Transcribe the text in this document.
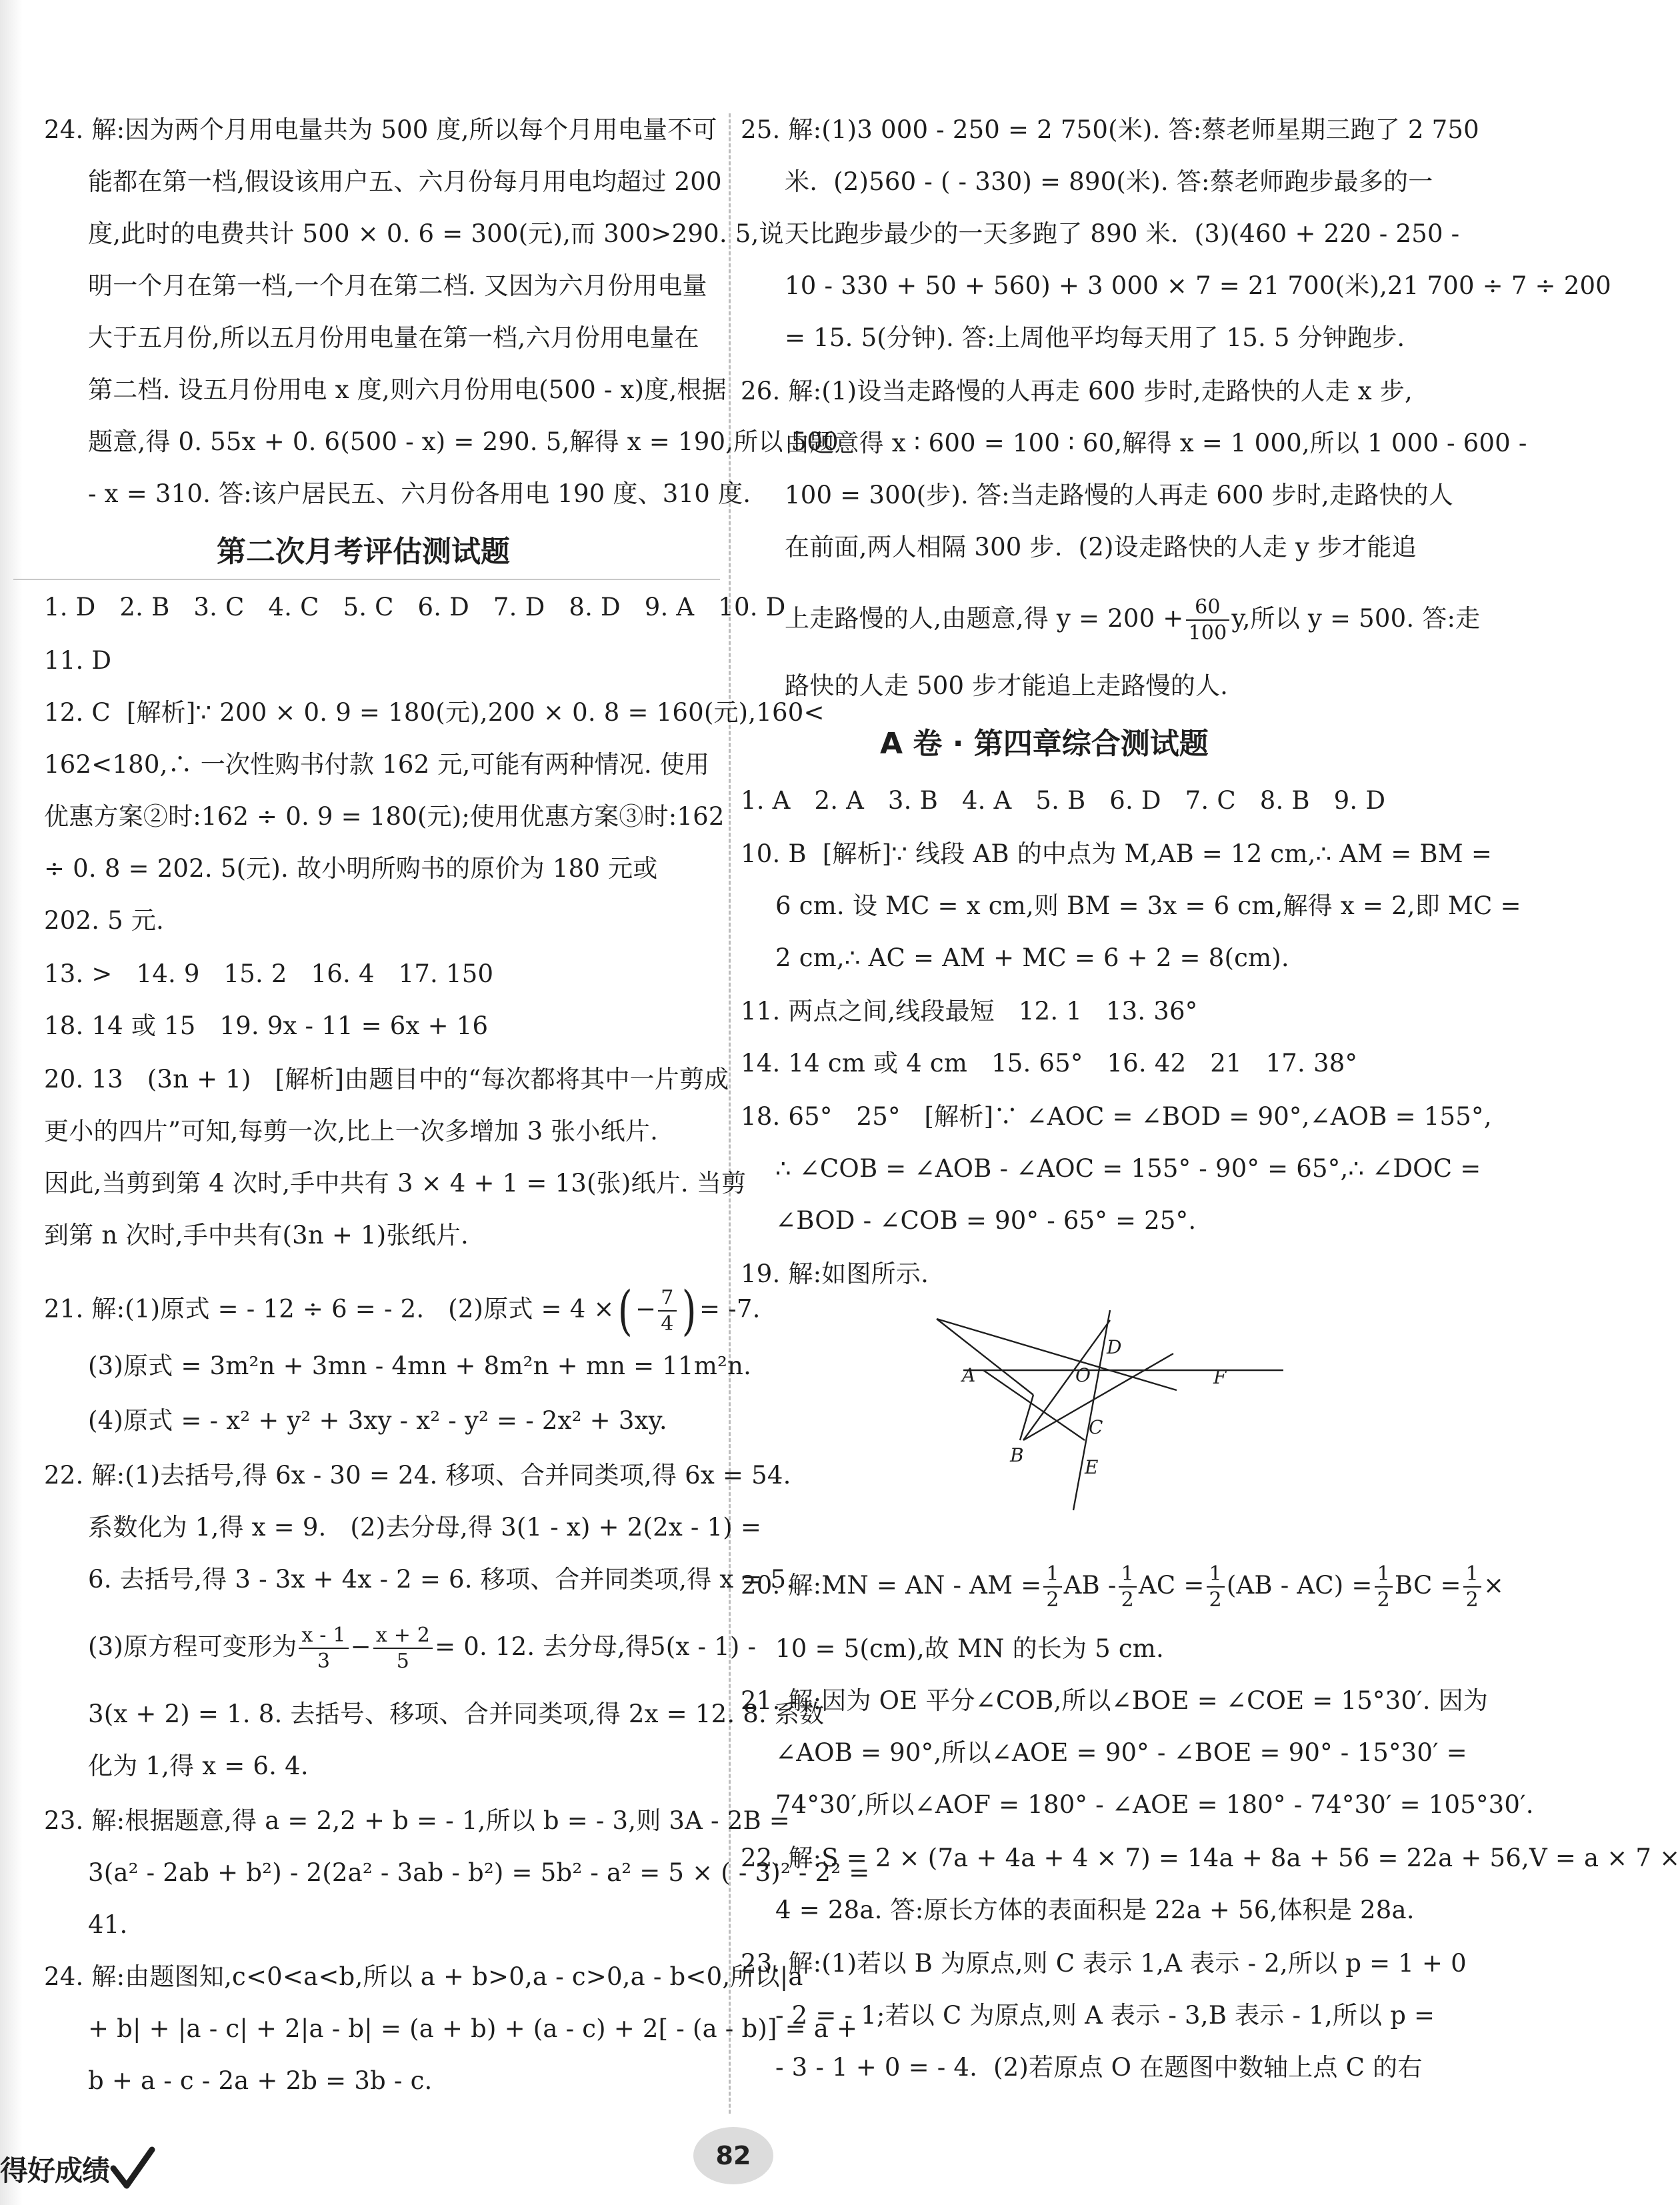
24. 解:因为两个月用电量共为 500 度,所以每个月用电量不可
能都在第一档,假设该用户五、六月份每月用电均超过 200
度,此时的电费共计 500 × 0. 6 = 300(元),而 300>290. 5,说
明一个月在第一档,一个月在第二档. 又因为六月份用电量
大于五月份,所以五月份用电量在第一档,六月份用电量在
第二档. 设五月份用电 x 度,则六月份用电(500 - x)度,根据
题意,得 0. 55x + 0. 6(500 - x) = 290. 5,解得 x = 190,所以 500
- x = 310. 答:该户居民五、六月份各用电 190 度、310 度.
第二次月考评估测试题
1. D   2. B   3. C   4. C   5. C   6. D   7. D   8. D   9. A   10. D
11. D
12. C  [解析]∵ 200 × 0. 9 = 180(元),200 × 0. 8 = 160(元),160<
162<180,∴ 一次性购书付款 162 元,可能有两种情况. 使用
优惠方案②时:162 ÷ 0. 9 = 180(元);使用优惠方案③时:162
÷ 0. 8 = 202. 5(元). 故小明所购书的原价为 180 元或
202. 5 元.
13. >   14. 9   15. 2   16. 4   17. 150
18. 14 或 15   19. 9x - 11 = 6x + 16
20. 13   (3n + 1)   [解析]由题目中的“每次都将其中一片剪成
更小的四片”可知,每剪一次,比上一次多增加 3 张小纸片.
因此,当剪到第 4 次时,手中共有 3 × 4 + 1 = 13(张)纸片. 当剪
到第 n 次时,手中共有(3n + 1)张纸片.
21. 解:(1)原式 = - 12 ÷ 6 = - 2.   (2)原式 = 4 ×( − $\frac{7}{4}$ ) = -7.
(3)原式 = 3m²n + 3mn - 4mn + 8m²n + mn = 11m²n.
(4)原式 = - x² + y² + 3xy - x² - y² = - 2x² + 3xy.
22. 解:(1)去括号,得 6x - 30 = 24. 移项、合并同类项,得 6x = 54.
系数化为 1,得 x = 9.   (2)去分母,得 3(1 - x) + 2(2x - 1) =
6. 去括号,得 3 - 3x + 4x - 2 = 6. 移项、合并同类项,得 x = 5.
(3)原方程可变形为 $\frac{x - 1}{3} - \frac{x + 2}{5} = 0$. 12. 去分母,得5(x - 1) -
3(x + 2) = 1. 8. 去括号、移项、合并同类项,得 2x = 12. 8. 系数
化为 1,得 x = 6. 4.
23. 解:根据题意,得 a = 2,2 + b = - 1,所以 b = - 3,则 3A - 2B =
3(a² - 2ab + b²) - 2(2a² - 3ab - b²) = 5b² - a² = 5 × ( - 3)² - 2² =
41.
24. 解:由题图知,c<0<a<b,所以 a + b>0,a - c>0,a - b<0,所以|a
+ b| + |a - c| + 2|a - b| = (a + b) + (a - c) + 2[ - (a - b)] = a +
b + a - c - 2a + 2b = 3b - c.
25. 解:(1)3 000 - 250 = 2 750(米). 答:蔡老师星期三跑了 2 750
米.  (2)560 - ( - 330) = 890(米). 答:蔡老师跑步最多的一
天比跑步最少的一天多跑了 890 米.  (3)(460 + 220 - 250 -
10 - 330 + 50 + 560) + 3 000 × 7 = 21 700(米),21 700 ÷ 7 ÷ 200
= 15. 5(分钟). 答:上周他平均每天用了 15. 5 分钟跑步.
26. 解:(1)设当走路慢的人再走 600 步时,走路快的人走 x 步,
由题意得 x ∶ 600 = 100 ∶ 60,解得 x = 1 000,所以 1 000 - 600 -
100 = 300(步). 答:当走路慢的人再走 600 步时,走路快的人
在前面,两人相隔 300 步.  (2)设走路快的人走 y 步才能追
上走路慢的人,由题意,得 $y = 200 + \frac{60}{100} y$,所以 y = 500. 答:走
路快的人走 500 步才能追上走路慢的人.
A 卷 · 第四章综合测试题
1. A   2. A   3. B   4. A   5. B   6. D   7. C   8. B   9. D
10. B  [解析]∵ 线段 AB 的中点为 M,AB = 12 cm,∴ AM = BM =
6 cm. 设 MC = x cm,则 BM = 3x = 6 cm,解得 x = 2,即 MC =
2 cm,∴ AC = AM + MC = 6 + 2 = 8(cm).
11. 两点之间,线段最短   12. 1   13. 36°
14. 14 cm 或 4 cm   15. 65°   16. 42   21   17. 38°
18. 65°   25°   [解析]∵ ∠AOC = ∠BOD = 90°,∠AOB = 155°,
∴ ∠COB = ∠AOB - ∠AOC = 155° - 90° = 65°,∴ ∠DOC =
∠BOD - ∠COB = 90° - 65° = 25°.
19. 解:如图所示.
D
A	O	F
C
B
E
20. 解:MN = AN - AM = $\frac{1}{2}$ AB - $\frac{1}{2}$ AC = $\frac{1}{2} (AB - AC) = \frac{1}{2}$ BC = $\frac{1}{2}$ ×
10 = 5(cm),故 MN 的长为 5 cm.
21. 解:因为 OE 平分∠COB,所以∠BOE = ∠COE = 15°30′. 因为
∠AOB = 90°,所以∠AOE = 90° - ∠BOE = 90° - 15°30′ =
74°30′,所以∠AOF = 180° - ∠AOE = 180° - 74°30′ = 105°30′.
22. 解:S = 2 × (7a + 4a + 4 × 7) = 14a + 8a + 56 = 22a + 56,V = a × 7 ×
4 = 28a. 答:原长方体的表面积是 22a + 56,体积是 28a.
23. 解:(1)若以 B 为原点,则 C 表示 1,A 表示 - 2,所以 p = 1 + 0
- 2 = - 1;若以 C 为原点,则 A 表示 - 3,B 表示 - 1,所以 p =
- 3 - 1 + 0 = - 4.  (2)若原点 O 在题图中数轴上点 C 的右
得好成绩	82
